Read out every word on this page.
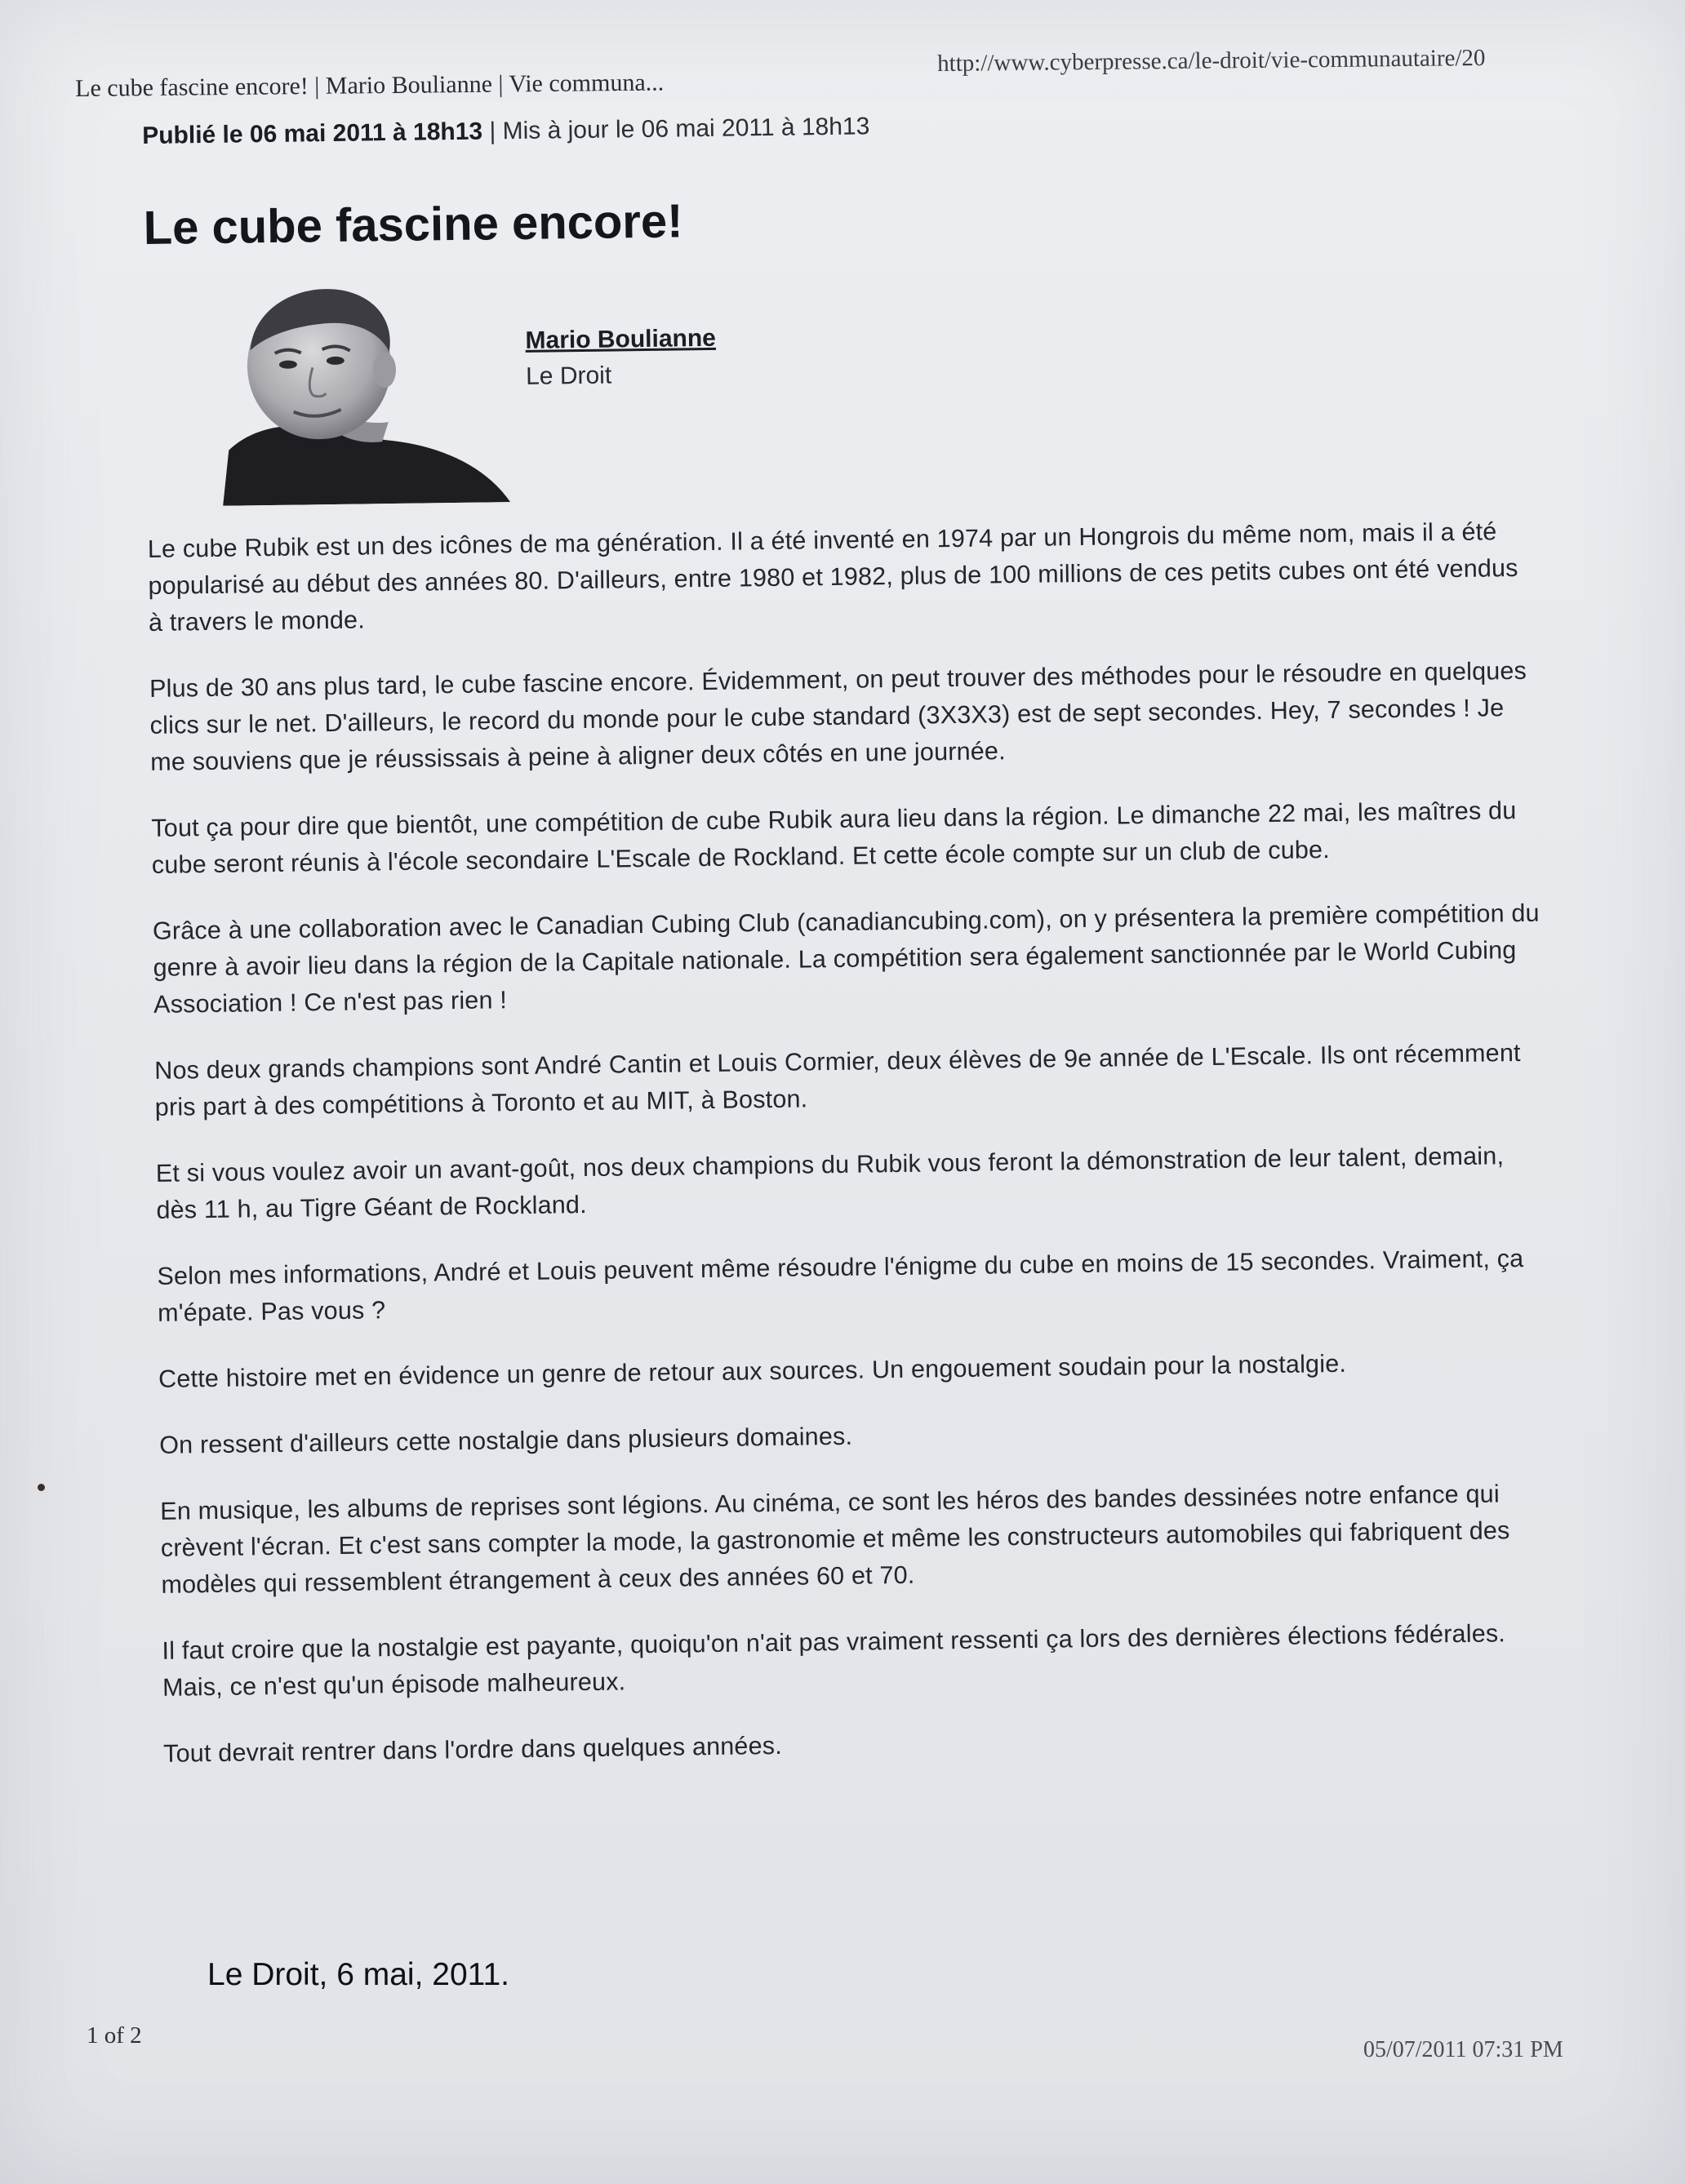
Le cube fascine encore! | Mario Boulianne | Vie communa...
http://www.cyberpresse.ca/le-droit/vie-communautaire/20

Publié le 06 mai 2011 à 18h13 | Mis à jour le 06 mai 2011 à 18h13

Le cube fascine encore!
Mario Boulianne
Le Droit

Le cube Rubik est un des icônes de ma génération. Il a été inventé en 1974 par un Hongrois du même nom, mais il a été popularisé au début des années 80. D'ailleurs, entre 1980 et 1982, plus de 100 millions de ces petits cubes ont été vendus à travers le monde.

Plus de 30 ans plus tard, le cube fascine encore. Évidemment, on peut trouver des méthodes pour le résoudre en quelques clics sur le net. D'ailleurs, le record du monde pour le cube standard (3X3X3) est de sept secondes. Hey, 7 secondes ! Je me souviens que je réussissais à peine à aligner deux côtés en une journée.

Tout ça pour dire que bientôt, une compétition de cube Rubik aura lieu dans la région. Le dimanche 22 mai, les maîtres du cube seront réunis à l'école secondaire L'Escale de Rockland. Et cette école compte sur un club de cube.

Grâce à une collaboration avec le Canadian Cubing Club (canadiancubing.com), on y présentera la première compétition du genre à avoir lieu dans la région de la Capitale nationale. La compétition sera également sanctionnée par le World Cubing Association ! Ce n'est pas rien !

Nos deux grands champions sont André Cantin et Louis Cormier, deux élèves de 9e année de L'Escale. Ils ont récemment pris part à des compétitions à Toronto et au MIT, à Boston.

Et si vous voulez avoir un avant-goût, nos deux champions du Rubik vous feront la démonstration de leur talent, demain, dès 11 h, au Tigre Géant de Rockland.

Selon mes informations, André et Louis peuvent même résoudre l'énigme du cube en moins de 15 secondes. Vraiment, ça m'épate. Pas vous ?

Cette histoire met en évidence un genre de retour aux sources. Un engouement soudain pour la nostalgie.

On ressent d'ailleurs cette nostalgie dans plusieurs domaines.

En musique, les albums de reprises sont légions. Au cinéma, ce sont les héros des bandes dessinées notre enfance qui crèvent l'écran. Et c'est sans compter la mode, la gastronomie et même les constructeurs automobiles qui fabriquent des modèles qui ressemblent étrangement à ceux des années 60 et 70.

Il faut croire que la nostalgie est payante, quoiqu'on n'ait pas vraiment ressenti ça lors des dernières élections fédérales. Mais, ce n'est qu'un épisode malheureux.

Tout devrait rentrer dans l'ordre dans quelques années.

Le Droit, 6 mai, 2011.
1 of 2
05/07/2011 07:31 PM
